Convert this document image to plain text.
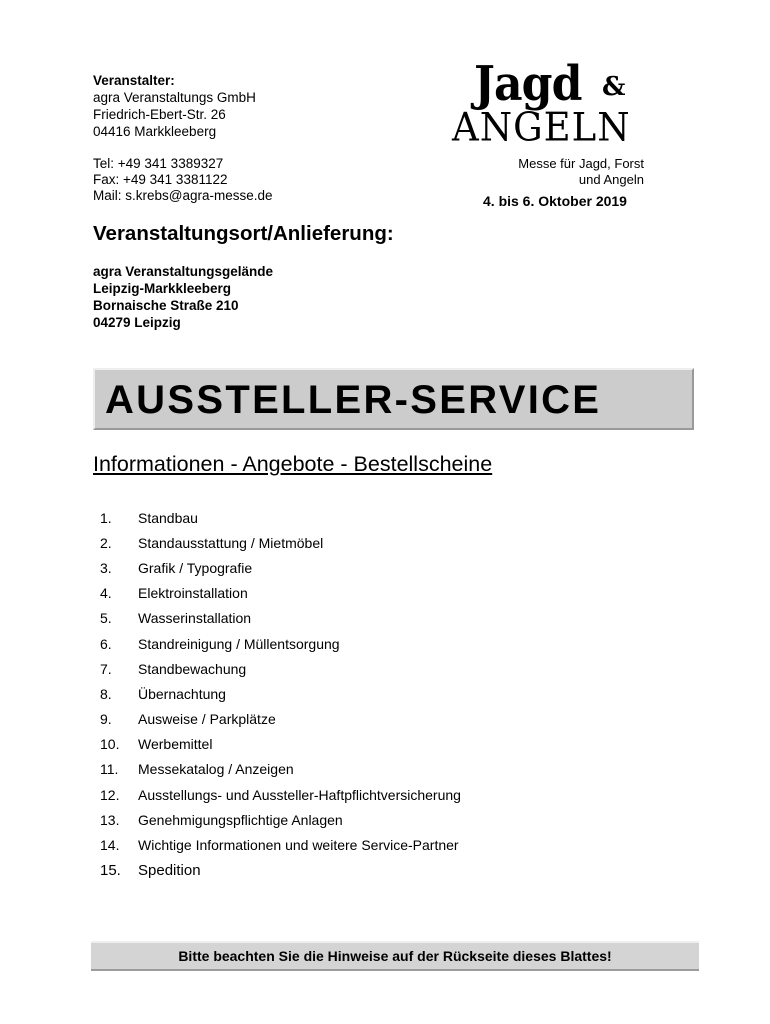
Veranstalter:
agra Veranstaltungs GmbH
Friedrich-Ebert-Str. 26
04416 Markkleeberg
Tel: +49 341 3389327
Fax: +49 341 3381122
Mail: s.krebs@agra-messe.de
Jagd &
ANGELN
Messe für Jagd, Forst
und Angeln
4. bis 6. Oktober 2019
Veranstaltungsort/Anlieferung:
agra Veranstaltungsgelände
Leipzig-Markkleeberg
Bornaische Straße 210
04279 Leipzig
AUSSTELLER-SERVICE
Informationen - Angebote - Bestellscheine
1.	Standbau
2.	Standausstattung / Mietmöbel
3.	Grafik / Typografie
4.	Elektroinstallation
5.	Wasserinstallation
6.	Standreinigung / Müllentsorgung
7.	Standbewachung
8.	Übernachtung
9.	Ausweise / Parkplätze
10.	Werbemittel
11.	Messekatalog / Anzeigen
12.	Ausstellungs- und Aussteller-Haftpflichtversicherung
13.	Genehmigungspflichtige Anlagen
14.	Wichtige Informationen und weitere Service-Partner
15.	Spedition
Bitte beachten Sie die Hinweise auf der Rückseite dieses Blattes!
